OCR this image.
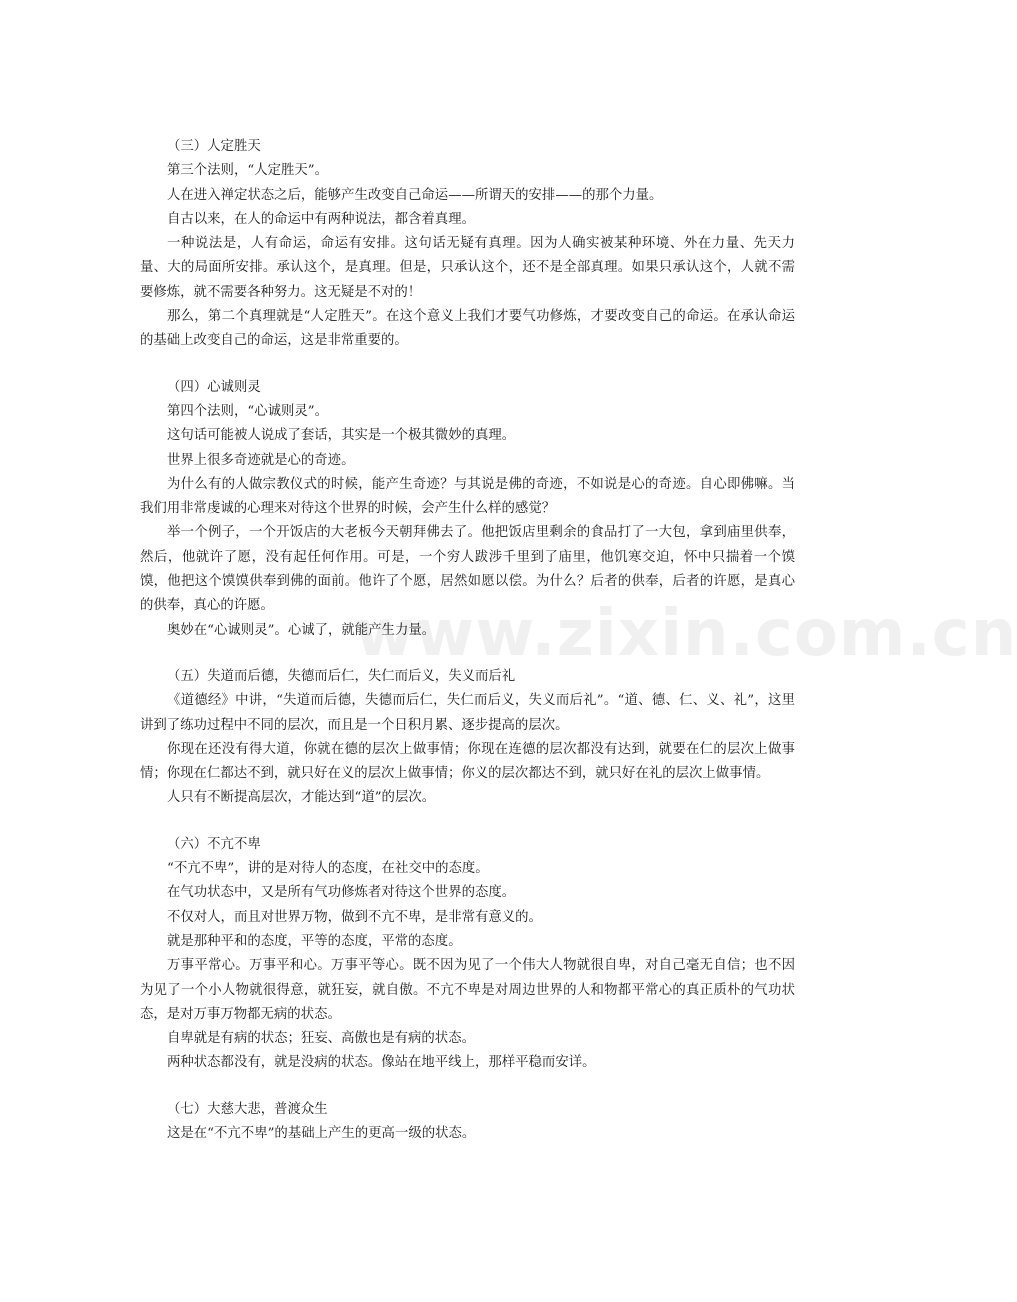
（三）人定胜天

第三个法则，“人定胜天”。

人在进入禅定状态之后，能够产生改变自己命运——所谓天的安排——的那个力量。

自古以来，在人的命运中有两种说法，都含着真理。

一种说法是，人有命运，命运有安排。这句话无疑有真理。因为人确实被某种环境、外在力量、先天力量、大的局面所安排。承认这个，是真理。但是，只承认这个，还不是全部真理。如果只承认这个，人就不需要修炼，就不需要各种努力。这无疑是不对的！

那么，第二个真理就是“人定胜天”。在这个意义上我们才要气功修炼，才要改变自己的命运。在承认命运的基础上改变自己的命运，这是非常重要的。

（四）心诚则灵

第四个法则，“心诚则灵”。

这句话可能被人说成了套话，其实是一个极其微妙的真理。

世界上很多奇迹就是心的奇迹。

为什么有的人做宗教仪式的时候，能产生奇迹？与其说是佛的奇迹，不如说是心的奇迹。自心即佛嘛。当我们用非常虔诚的心理来对待这个世界的时候，会产生什么样的感觉？

举一个例子，一个开饭店的大老板今天朝拜佛去了。他把饭店里剩余的食品打了一大包，拿到庙里供奉，然后，他就许了愿，没有起任何作用。可是，一个穷人跋涉千里到了庙里，他饥寒交迫，怀中只揣着一个馍馍，他把这个馍馍供奉到佛的面前。他许了个愿，居然如愿以偿。为什么？后者的供奉，后者的许愿，是真心的供奉，真心的许愿。

奥妙在“心诚则灵”。心诚了，就能产生力量。

（五）失道而后德，失德而后仁，失仁而后义，失义而后礼

《道德经》中讲，“失道而后德，失德而后仁，失仁而后义，失义而后礼”。“道、德、仁、义、礼”，这里讲到了练功过程中不同的层次，而且是一个日积月累、逐步提高的层次。

你现在还没有得大道，你就在德的层次上做事情；你现在连德的层次都没有达到，就要在仁的层次上做事情；你现在仁都达不到，就只好在义的层次上做事情；你义的层次都达不到，就只好在礼的层次上做事情。

人只有不断提高层次，才能达到“道”的层次。

（六）不亢不卑

“不亢不卑”，讲的是对待人的态度，在社交中的态度。

在气功状态中，又是所有气功修炼者对待这个世界的态度。

不仅对人，而且对世界万物，做到不亢不卑，是非常有意义的。

就是那种平和的态度，平等的态度，平常的态度。

万事平常心。万事平和心。万事平等心。既不因为见了一个伟大人物就很自卑，对自己毫无自信；也不因为见了一个小人物就很得意，就狂妄，就自傲。不亢不卑是对周边世界的人和物都平常心的真正质朴的气功状态，是对万事万物都无病的状态。

自卑就是有病的状态；狂妄、高傲也是有病的状态。

两种状态都没有，就是没病的状态。像站在地平线上，那样平稳而安详。

（七）大慈大悲，普渡众生

这是在“不亢不卑”的基础上产生的更高一级的状态。

www.zixin.com.cn
